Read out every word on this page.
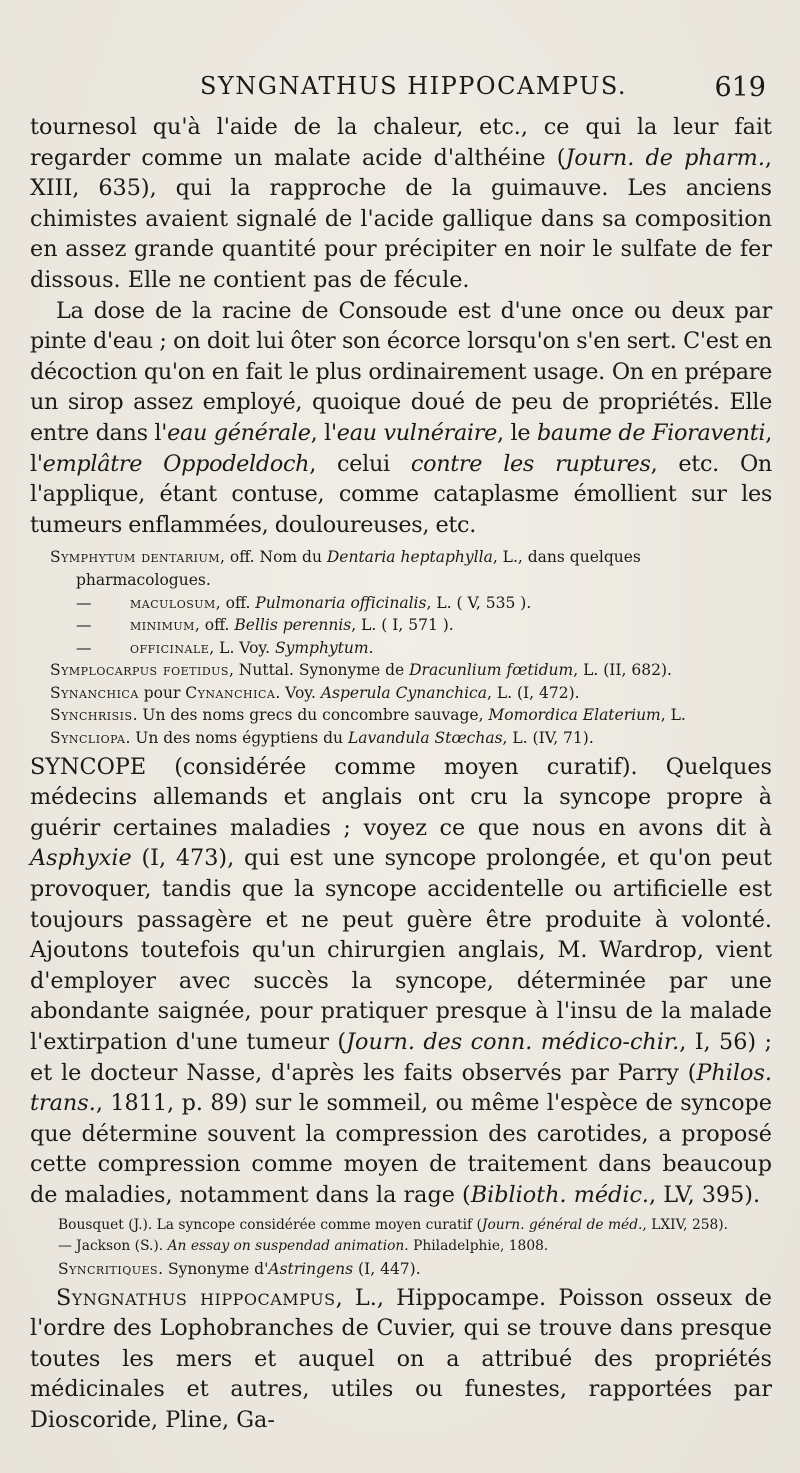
SYNGNATHUS HIPPOCAMPUS.	619

tournesol qu'à l'aide de la chaleur, etc., ce qui la leur fait regarder comme un malate acide d'althéine (Journ. de pharm., XIII, 635), qui la rapproche de la guimauve. Les anciens chimistes avaient signalé de l'acide gallique dans sa composition en assez grande quantité pour précipiter en noir le sulfate de fer dissous. Elle ne contient pas de fécule.

La dose de la racine de Consoude est d'une once ou deux par pinte d'eau ; on doit lui ôter son écorce lorsqu'on s'en sert. C'est en décoction qu'on en fait le plus ordinairement usage. On en prépare un sirop assez employé, quoique doué de peu de propriétés. Elle entre dans l'eau générale, l'eau vulnéraire, le baume de Fioraventi, l'emplâtre Oppodeldoch, celui contre les ruptures, etc. On l'applique, étant contuse, comme cataplasme émollient sur les tumeurs enflammées, douloureuses, etc.

Symphytum dentarium, off. Nom du Dentaria heptaphylla, L., dans quelques pharmacologues.

— maculosum, off. Pulmonaria officinalis, L. ( V, 535 ).

— minimum, off. Bellis perennis, L. ( I, 571 ).

— officinale, L. Voy. Symphytum.

Symplocarpus foetidus, Nuttal. Synonyme de Dracunlium fœtidum, L. (II, 682).

Synanchica pour Cynanchica. Voy. Asperula Cynanchica, L. (I, 472).

Synchrisis. Un des noms grecs du concombre sauvage, Momordica Elaterium, L.

Syncliopa. Un des noms égyptiens du Lavandula Stœchas, L. (IV, 71).

SYNCOPE (considérée comme moyen curatif). Quelques médecins allemands et anglais ont cru la syncope propre à guérir certaines maladies ; voyez ce que nous en avons dit à Asphyxie (I, 473), qui est une syncope prolongée, et qu'on peut provoquer, tandis que la syncope accidentelle ou artificielle est toujours passagère et ne peut guère être produite à volonté. Ajoutons toutefois qu'un chirurgien anglais, M. Wardrop, vient d'employer avec succès la syncope, déterminée par une abondante saignée, pour pratiquer presque à l'insu de la malade l'extirpation d'une tumeur (Journ. des conn. médico-chir., I, 56) ; et le docteur Nasse, d'après les faits observés par Parry (Philos. trans., 1811, p. 89) sur le sommeil, ou même l'espèce de syncope que détermine souvent la compression des carotides, a proposé cette compression comme moyen de traitement dans beaucoup de maladies, notamment dans la rage (Biblioth. médic., LV, 395).

Bousquet (J.). La syncope considérée comme moyen curatif (Journ. général de méd., LXIV, 258).

— Jackson (S.). An essay on suspendad animation. Philadelphie, 1808.

Syncritiques. Synonyme d'Astringens (I, 447).

Syngnathus hippocampus, L., Hippocampe. Poisson osseux de l'ordre des Lophobranches de Cuvier, qui se trouve dans presque toutes les mers et auquel on a attribué des propriétés médicinales et autres, utiles ou funestes, rapportées par Dioscoride, Pline, Ga-
